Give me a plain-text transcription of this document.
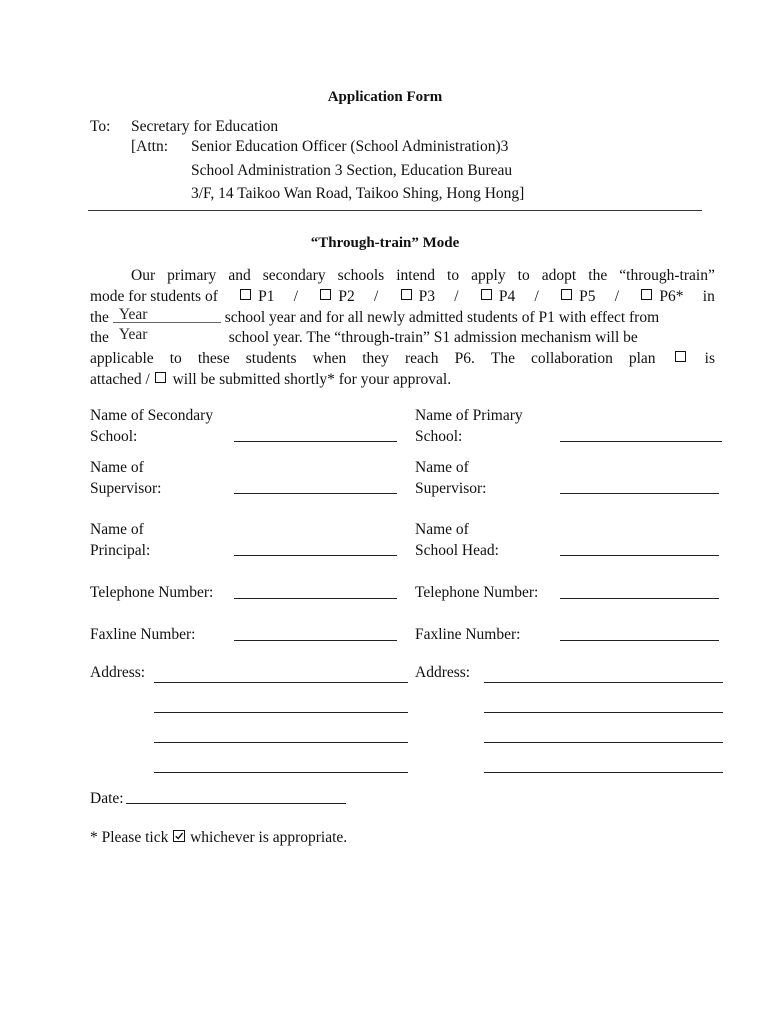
Application Form
To: Secretary for Education
[Attn: Senior Education Officer (School Administration)3
School Administration 3 Section, Education Bureau
3/F, 14 Taikoo Wan Road, Taikoo Shing, Hong Hong]
“Through-train” Mode
Our primary and secondary schools intend to apply to adopt the “through-train”
mode for students of	P1 /	P2 /	P3 /	P4 /	P5 /	P6* in
the Year	school year and for all newly admitted students of P1 with effect from
the Year	school year. The “through-train” S1 admission mechanism will be
applicable to these students when they reach P6. The collaboration plan	is
attached / will be submitted shortly* for your approval.
Name of Secondary
School:
Name of Primary
School:
Name of
Supervisor:
Name of
Supervisor:
Name of
Principal:
Name of
School Head:
Telephone Number:	Telephone Number:
Faxline Number:	Faxline Number:
Address:	Address:
Date:
* Please tick whichever is appropriate.
